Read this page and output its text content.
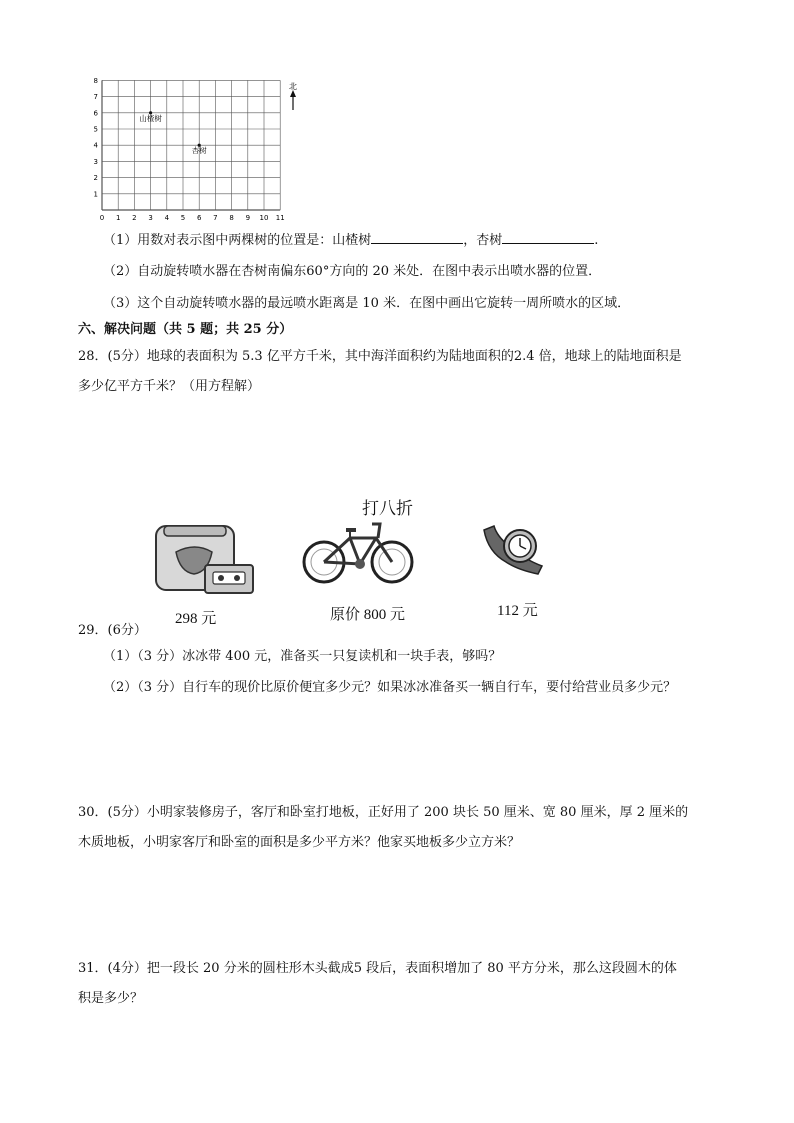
0 1 2 3 4 5 6 7 8 9 10 11
1
2
3
4
5
6
7
8
山楂树
杏树
北
（1）用数对表示图中两棵树的位置是：山楂树	，杏树	.
（2）自动旋转喷水器在杏树南偏东60°方向的 20 米处．在图中表示出喷水器的位置．
（3）这个自动旋转喷水器的最远喷水距离是 10 米．在图中画出它旋转一周所喷水的区域．
六、解决问题（共 5 题；共 25 分）
28．(5分）地球的表面积为 5.3 亿平方千米，其中海洋面积约为陆地面积的2.4 倍，地球上的陆地面积是
多少亿平方千米？（用方程解）
打八折
298 元	原价 800 元	112 元
29．(6分）
（1）（3 分）冰冰带 400 元，准备买一只复读机和一块手表，够吗？
（2）（3 分）自行车的现价比原价便宜多少元？如果冰冰准备买一辆自行车，要付给营业员多少元？
30．(5分）小明家装修房子，客厅和卧室打地板，正好用了 200 块长 50 厘米、宽 80 厘米，厚 2 厘米的
木质地板，小明家客厅和卧室的面积是多少平方米？他家买地板多少立方米？
31．(4分）把一段长 20 分米的圆柱形木头截成5 段后，表面积增加了 80 平方分米，那么这段圆木的体
积是多少？
